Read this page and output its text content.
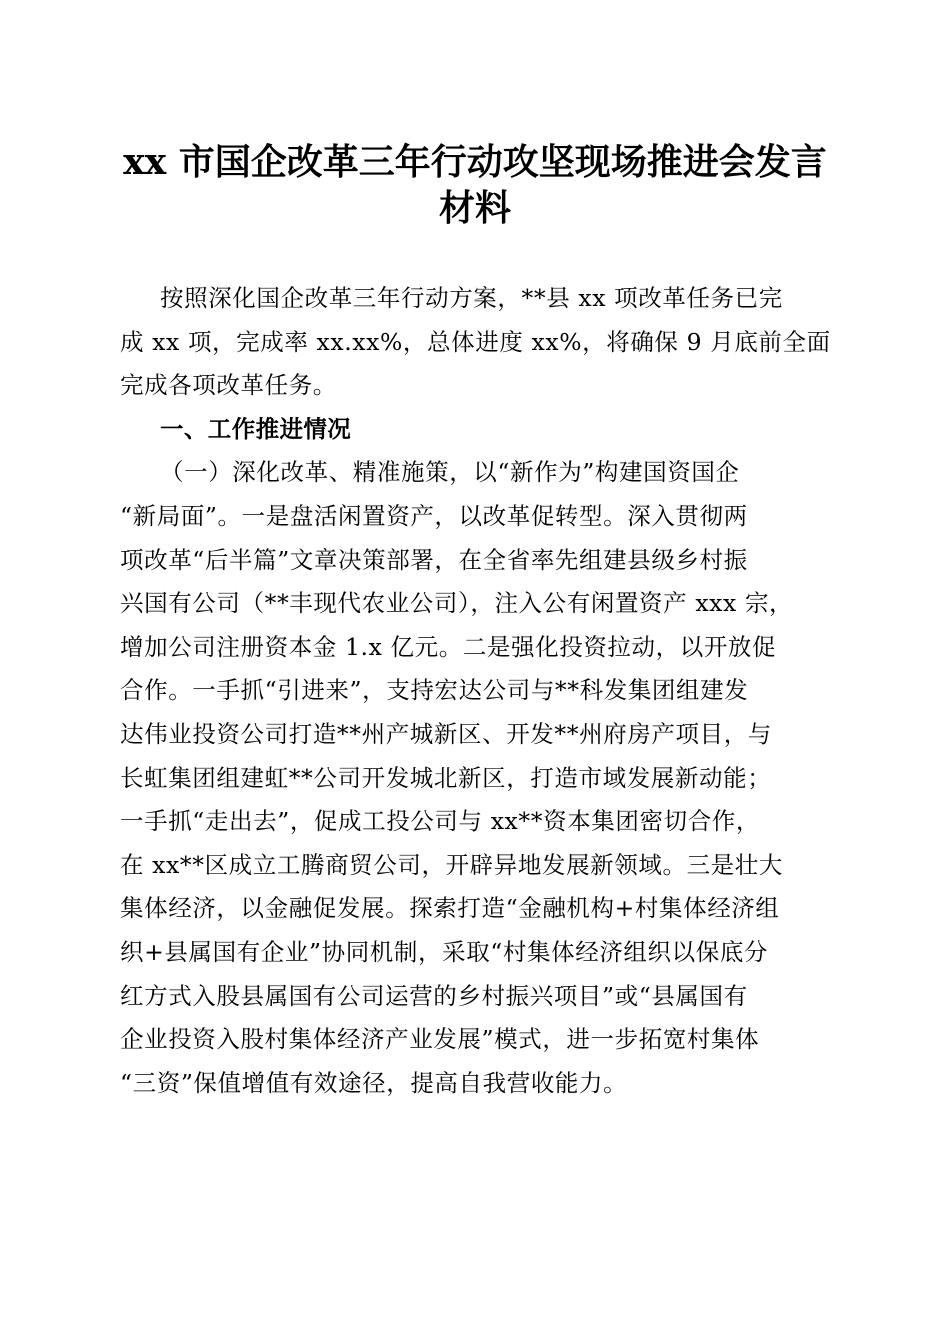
xx 市国企改革三年行动攻坚现场推进会发言
材料
按照深化国企改革三年行动方案，**县 xx 项改革任务已完
成 xx 项，完成率 xx.xx%，总体进度 xx%，将确保 9 月底前全面
完成各项改革任务。
一、工作推进情况
（一）深化改革、精准施策，以“新作为”构建国资国企
“新局面”。一是盘活闲置资产，以改革促转型。深入贯彻两
项改革“后半篇”文章决策部署，在全省率先组建县级乡村振
兴国有公司（**丰现代农业公司），注入公有闲置资产 xxx 宗，
增加公司注册资本金 1.x 亿元。二是强化投资拉动，以开放促
合作。一手抓“引进来”，支持宏达公司与**科发集团组建发
达伟业投资公司打造**州产城新区、开发**州府房产项目，与
长虹集团组建虹**公司开发城北新区，打造市域发展新动能；
一手抓“走出去”，促成工投公司与 xx**资本集团密切合作，
在 xx**区成立工腾商贸公司，开辟异地发展新领域。三是壮大
集体经济，以金融促发展。探索打造“金融机构+村集体经济组
织+县属国有企业”协同机制，采取“村集体经济组织以保底分
红方式入股县属国有公司运营的乡村振兴项目”或“县属国有
企业投资入股村集体经济产业发展”模式，进一步拓宽村集体
“三资”保值增值有效途径，提高自我营收能力。
